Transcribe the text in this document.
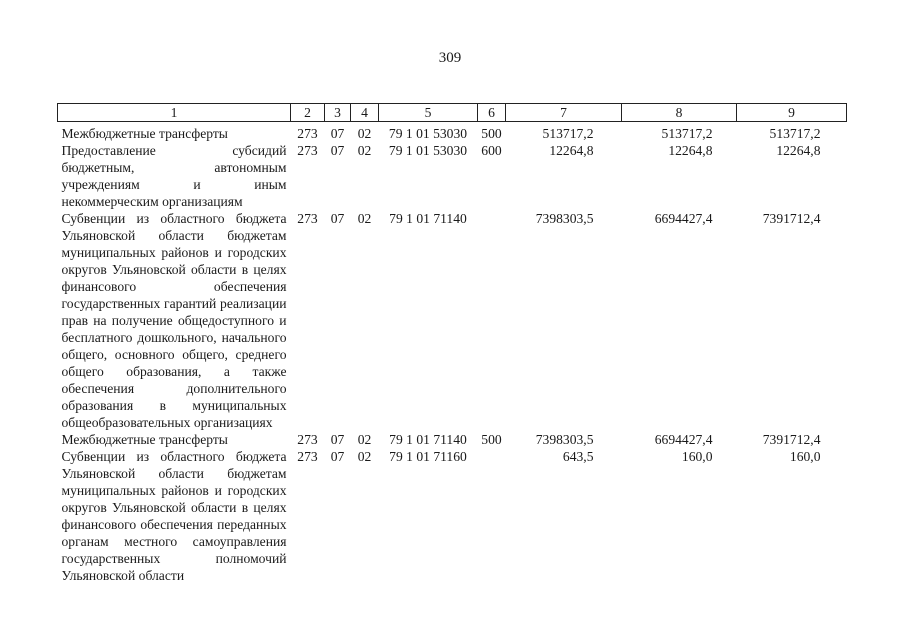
309
1	2	3	4	5	6	7	8	9
Межбюджетные трансферты	273	07	02	79 1 01 53030	500	513717,2	513717,2	513717,2
Предоставление субсидий бюджетным, автономным учреждениям и иным некоммерческим организациям	273	07	02	79 1 01 53030	600	12264,8	12264,8	12264,8
Субвенции из областного бюджета Ульяновской области бюджетам муниципальных районов и городских округов Ульяновской области в целях финансового обеспечения государственных гарантий реализации прав на получение общедоступного и бесплатного дошкольного, начального общего, основного общего, среднего общего образования, а также обеспечения дополнительного образования в муниципальных общеобразовательных организациях	273	07	02	79 1 01 71140		7398303,5	6694427,4	7391712,4
Межбюджетные трансферты	273	07	02	79 1 01 71140	500	7398303,5	6694427,4	7391712,4
Субвенции из областного бюджета Ульяновской области бюджетам муниципальных районов и городских округов Ульяновской области в целях финансового обеспечения переданных органам местного самоуправления государственных полномочий Ульяновской области	273	07	02	79 1 01 71160		643,5	160,0	160,0
